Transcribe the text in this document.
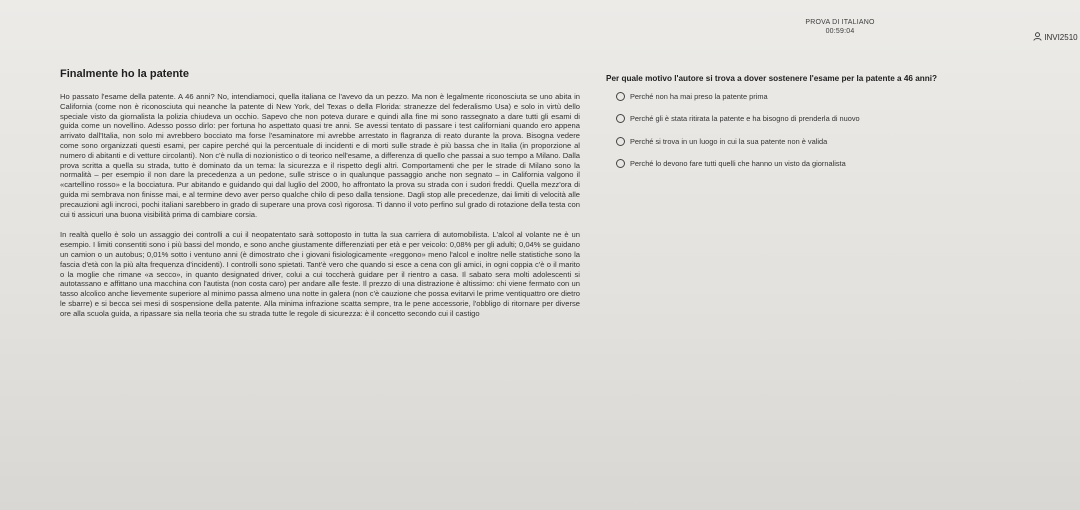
PROVA DI ITALIANO
00:59:04
INVI2510
Finalmente ho la patente

Ho passato l'esame della patente. A 46 anni? No, intendiamoci, quella italiana ce l'avevo da un pezzo. Ma non è legalmente riconosciuta se uno abita in California (come non è riconosciuta qui neanche la patente di New York, del Texas o della Florida: stranezze del federalismo Usa) e solo in virtù dello speciale visto da giornalista la polizia chiudeva un occhio. Sapevo che non poteva durare e quindi alla fine mi sono rassegnato a dare tutti gli esami di guida come un novellino. Adesso posso dirlo: per fortuna ho aspettato quasi tre anni. Se avessi tentato di passare i test californiani quando ero appena arrivato dall'Italia, non solo mi avrebbero bocciato ma forse l'esaminatore mi avrebbe arrestato in flagranza di reato durante la prova. Bisogna vedere come sono organizzati questi esami, per capire perché qui la percentuale di incidenti e di morti sulle strade è più bassa che in Italia (in proporzione al numero di abitanti e di vetture circolanti). Non c'è nulla di nozionistico o di teorico nell'esame, a differenza di quello che passai a suo tempo a Milano. Dalla prova scritta a quella su strada, tutto è dominato da un tema: la sicurezza e il rispetto degli altri. Comportamenti che per le strade di Milano sono la normalità – per esempio il non dare la precedenza a un pedone, sulle strisce o in qualunque passaggio anche non segnato – in California valgono il «cartellino rosso» e la bocciatura. Pur abitando e guidando qui dal luglio del 2000, ho affrontato la prova su strada con i sudori freddi. Quella mezz'ora di guida mi sembrava non finisse mai, e al termine devo aver perso qualche chilo di peso dalla tensione. Dagli stop alle precedenze, dai limiti di velocità alle precauzioni agli incroci, pochi italiani sarebbero in grado di superare una prova così rigorosa. Ti danno il voto perfino sul grado di rotazione della testa con cui ti assicuri una buona visibilità prima di cambiare corsia.

In realtà quello è solo un assaggio dei controlli a cui il neopatentato sarà sottoposto in tutta la sua carriera di automobilista. L'alcol al volante ne è un esempio. I limiti consentiti sono i più bassi del mondo, e sono anche giustamente differenziati per età e per veicolo: 0,08% per gli adulti; 0,04% se guidano un camion o un autobus; 0,01% sotto i ventuno anni (è dimostrato che i giovani fisiologicamente «reggono» meno l'alcol e inoltre nelle statistiche sono la fascia d'età con la più alta frequenza d'incidenti). I controlli sono spietati. Tant'è vero che quando si esce a cena con gli amici, in ogni coppia c'è o il marito o la moglie che rimane «a secco», in quanto designated driver, colui a cui toccherà guidare per il rientro a casa. Il sabato sera molti adolescenti si autotassano e affittano una macchina con l'autista (non costa caro) per andare alle feste. Il prezzo di una distrazione è altissimo: chi viene fermato con un tasso alcolico anche lievemente superiore al minimo passa almeno una notte in galera (non c'è cauzione che possa evitarvi le prime ventiquattro ore dietro le sbarre) e si becca sei mesi di sospensione della patente. Alla minima infrazione scatta sempre, tra le pene accessorie, l'obbligo di ritornare per diverse ore alla scuola guida, a ripassare sia nella teoria che su strada tutte le regole di sicurezza: è il concetto secondo cui il castigo

Per quale motivo l'autore si trova a dover sostenere l'esame per la patente a 46 anni?
Perché non ha mai preso la patente prima
Perché gli è stata ritirata la patente e ha bisogno di prenderla di nuovo
Perché si trova in un luogo in cui la sua patente non è valida
Perché lo devono fare tutti quelli che hanno un visto da giornalista
